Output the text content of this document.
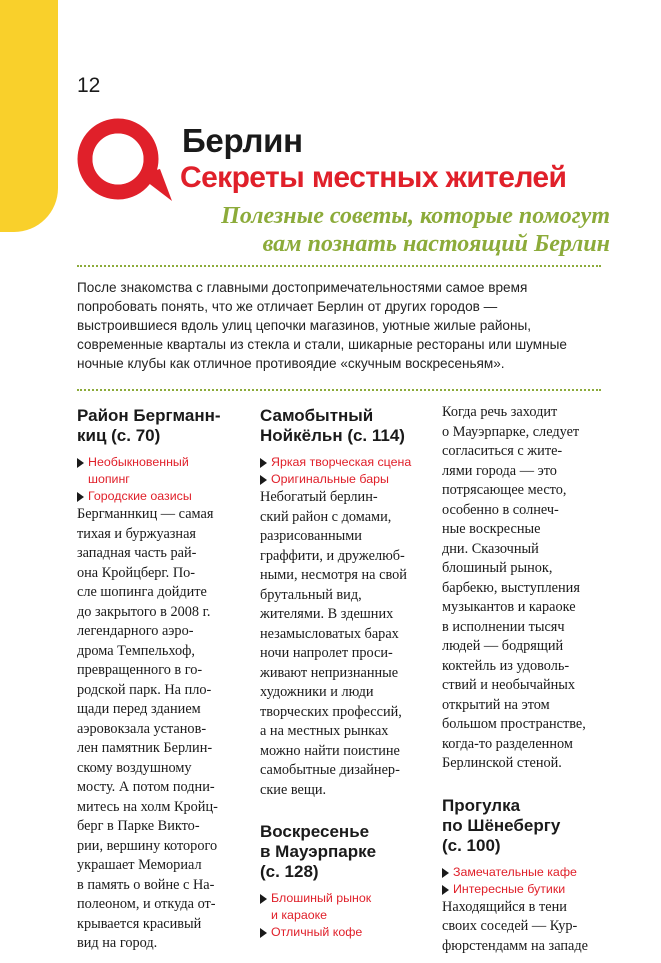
12
Берлин
Секреты местных жителей
Полезные советы, которые помогут
вам познать настоящий Берлин
После знакомства с главными достопримечательностями самое время
попробовать понять, что же отличает Берлин от других городов —
выстроившиеся вдоль улиц цепочки магазинов, уютные жилые районы,
современные кварталы из стекла и стали, шикарные рестораны или шумные
ночные клубы как отличное противоядие «скучным воскресеньям».
Район Бергманн-
киц (с. 70)
Необыкновенный
шопинг
Городские оазисы
Бергманнкиц — самая
тихая и буржуазная
западная часть рай-
она Кройцберг. По-
сле шопинга дойдите
до закрытого в 2008 г.
легендарного аэро-
дрома Темпельхоф,
превращенного в го-
родской парк. На пло-
щади перед зданием
аэровокзала установ-
лен памятник Берлин-
скому воздушному
мосту. А потом подни-
митесь на холм Кройц-
берг в Парке Викто-
рии, вершину которого
украшает Мемориал
в память о войне с На-
полеоном, и откуда от-
крывается красивый
вид на город.
Самобытный
Нойкёльн (с. 114)
Яркая творческая сцена
Оригинальные бары
Небогатый берлин-
ский район с домами,
разрисованными
граффити, и дружелюб-
ными, несмотря на свой
брутальный вид,
жителями. В здешних
незамысловатых барах
ночи напролет проси-
живают непризнанные
художники и люди
творческих профессий,
а на местных рынках
можно найти поистине
самобытные дизайнер-
ские вещи.
Воскресенье
в Мауэрпарке
(с. 128)
Блошиный рынок
и караоке
Отличный кофе
Когда речь заходит
о Мауэрпарке, следует
согласиться с жите-
лями города — это
потрясающее место,
особенно в солнеч-
ные воскресные
дни. Сказочный
блошиный рынок,
барбекю, выступления
музыкантов и караоке
в исполнении тысяч
людей — бодрящий
коктейль из удоволь-
ствий и необычайных
открытий на этом
большом пространстве,
когда-то разделенном
Берлинской стеной.
Прогулка
по Шёнебергу
(с. 100)
Замечательные кафе
Интересные бутики
Находящийся в тени
своих соседей — Кур-
фюрстендамм на западе
